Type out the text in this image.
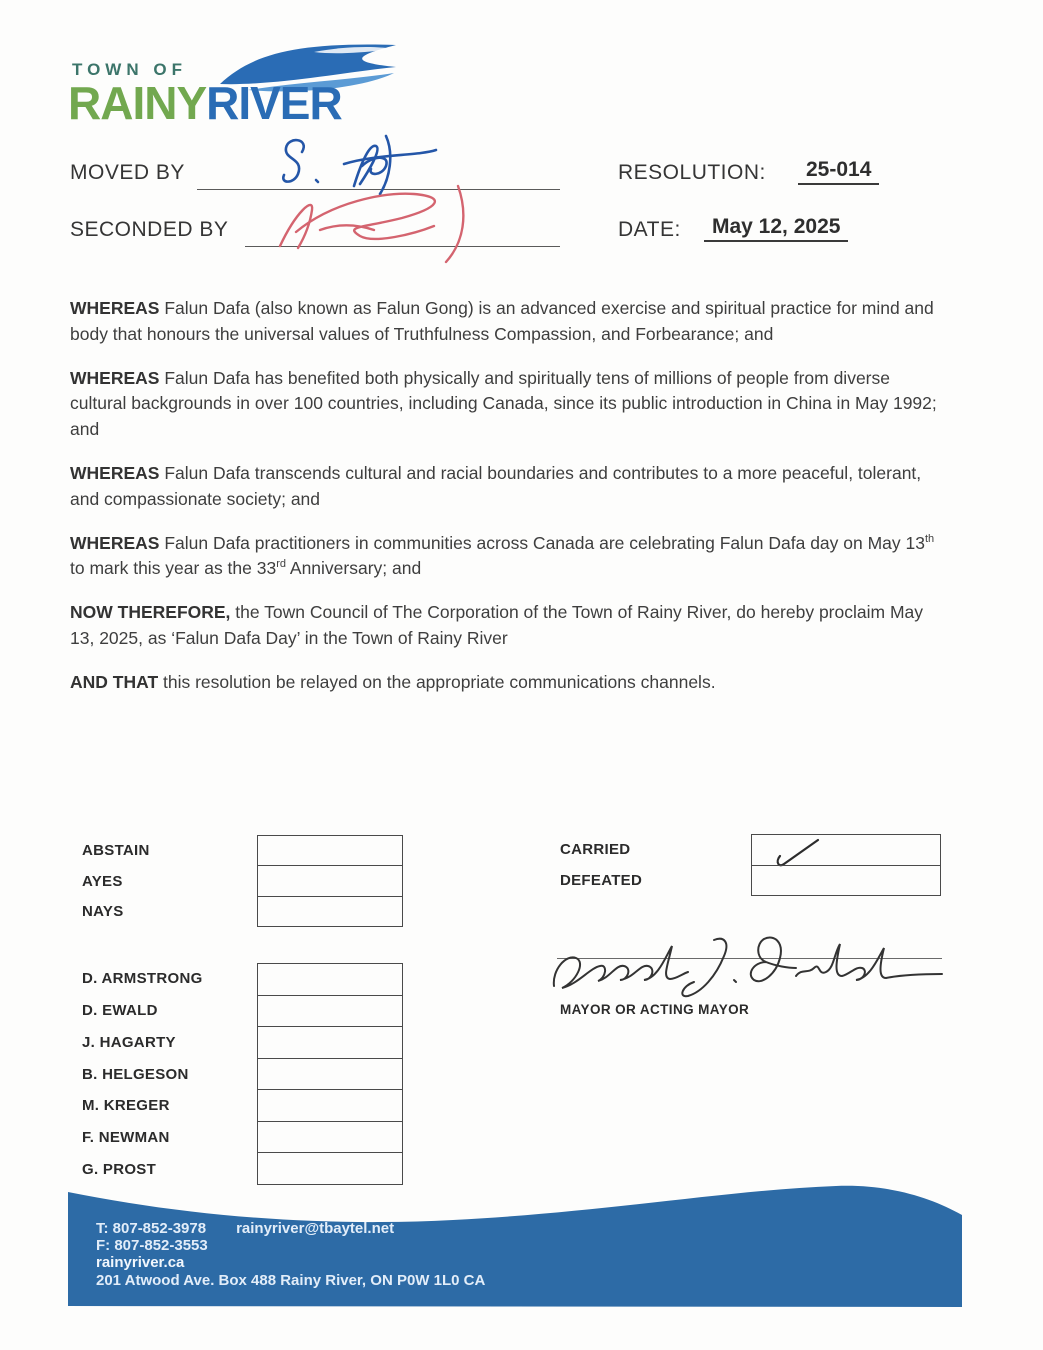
TOWN OF
RAINYRIVER
MOVED BY	RESOLUTION:	25-014
SECONDED BY	DATE:	May 12, 2025

WHEREAS Falun Dafa (also known as Falun Gong) is an advanced exercise and spiritual practice for mind and body that honours the universal values of Truthfulness Compassion, and Forbearance; and

WHEREAS Falun Dafa has benefited both physically and spiritually tens of millions of people from diverse cultural backgrounds in over 100 countries, including Canada, since its public introduction in China in May 1992; and

WHEREAS Falun Dafa transcends cultural and racial boundaries and contributes to a more peaceful, tolerant, and compassionate society; and

WHEREAS Falun Dafa practitioners in communities across Canada are celebrating Falun Dafa day on May 13th to mark this year as the 33rd Anniversary; and

NOW THEREFORE, the Town Council of The Corporation of the Town of Rainy River, do hereby proclaim May 13, 2025, as ‘Falun Dafa Day’ in the Town of Rainy River

AND THAT this resolution be relayed on the appropriate communications channels.

ABSTAIN
AYES
NAYS
CARRIED
DEFEATED
D. ARMSTRONG
D. EWALD
J. HAGARTY
B. HELGESON
M. KREGER
F. NEWMAN
G. PROST
MAYOR OR ACTING MAYOR
T: 807-852-3978 rainyriver@tbaytel.net
F: 807-852-3553
rainyriver.ca
201 Atwood Ave. Box 488 Rainy River, ON P0W 1L0 CA
